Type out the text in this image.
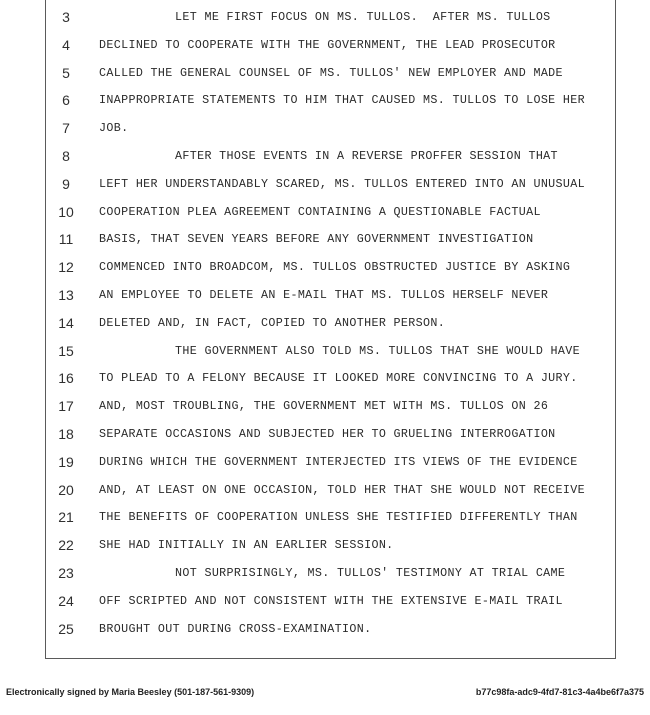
3	LET ME FIRST FOCUS ON MS. TULLOS.  AFTER MS. TULLOS
4	DECLINED TO COOPERATE WITH THE GOVERNMENT, THE LEAD PROSECUTOR
5	CALLED THE GENERAL COUNSEL OF MS. TULLOS' NEW EMPLOYER AND MADE
6	INAPPROPRIATE STATEMENTS TO HIM THAT CAUSED MS. TULLOS TO LOSE HER
7	JOB.
8	AFTER THOSE EVENTS IN A REVERSE PROFFER SESSION THAT
9	LEFT HER UNDERSTANDABLY SCARED, MS. TULLOS ENTERED INTO AN UNUSUAL
10 COOPERATION PLEA AGREEMENT CONTAINING A QUESTIONABLE FACTUAL
11	BASIS, THAT SEVEN YEARS BEFORE ANY GOVERNMENT INVESTIGATION
12 COMMENCED INTO BROADCOM, MS. TULLOS OBSTRUCTED JUSTICE BY ASKING
13 AN EMPLOYEE TO DELETE AN E-MAIL THAT MS. TULLOS HERSELF NEVER
14 DELETED AND, IN FACT, COPIED TO ANOTHER PERSON.
15	THE GOVERNMENT ALSO TOLD MS. TULLOS THAT SHE WOULD HAVE
16 TO PLEAD TO A FELONY BECAUSE IT LOOKED MORE CONVINCING TO A JURY.
17 AND, MOST TROUBLING, THE GOVERNMENT MET WITH MS. TULLOS ON 26
18 SEPARATE OCCASIONS AND SUBJECTED HER TO GRUELING INTERROGATION
19 DURING WHICH THE GOVERNMENT INTERJECTED ITS VIEWS OF THE EVIDENCE
20 AND, AT LEAST ON ONE OCCASION, TOLD HER THAT SHE WOULD NOT RECEIVE
21 THE BENEFITS OF COOPERATION UNLESS SHE TESTIFIED DIFFERENTLY THAN
22 SHE HAD INITIALLY IN AN EARLIER SESSION.
23	NOT SURPRISINGLY, MS. TULLOS' TESTIMONY AT TRIAL CAME
24 OFF SCRIPTED AND NOT CONSISTENT WITH THE EXTENSIVE E-MAIL TRAIL
25 BROUGHT OUT DURING CROSS-EXAMINATION.
Electronically signed by Maria Beesley (501-187-561-9309)	b77c98fa-adc9-4fd7-81c3-4a4be6f7a375
